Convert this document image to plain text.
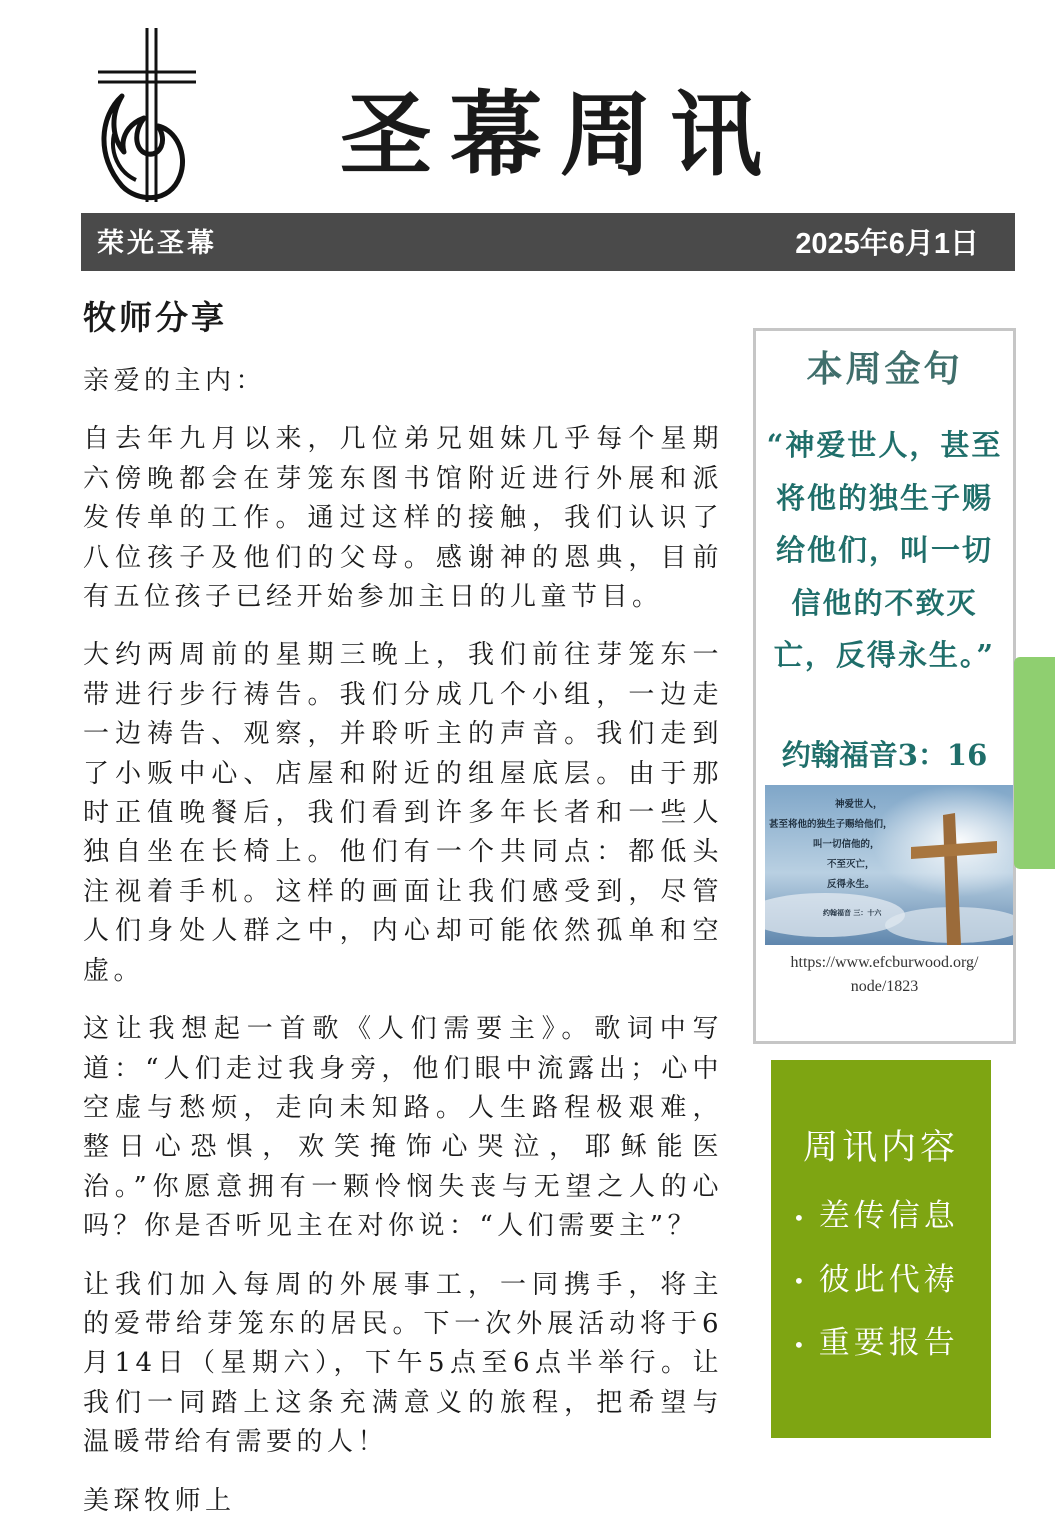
圣幕周讯
荣光圣幕	2025年6月1日
牧师分享

亲爱的主内：

自去年九月以来，几位弟兄姐妹几乎每个星期六傍晚都会在芽笼东图书馆附近进行外展和派发传单的工作。通过这样的接触，我们认识了八位孩子及他们的父母。感谢神的恩典，目前有五位孩子已经开始参加主日的儿童节目。

大约两周前的星期三晚上，我们前往芽笼东一带进行步行祷告。我们分成几个小组，一边走一边祷告、观察，并聆听主的声音。我们走到了小贩中心、店屋和附近的组屋底层。由于那时正值晚餐后，我们看到许多年长者和一些人独自坐在长椅上。他们有一个共同点：都低头注视着手机。这样的画面让我们感受到，尽管人们身处人群之中，内心却可能依然孤单和空虚。

这让我想起一首歌《人们需要主》。歌词中写道：“人们走过我身旁，他们眼中流露出；心中空虚与愁烦，走向未知路。人生路程极艰难，整日心恐惧，欢笑掩饰心哭泣，耶稣能医治。”你愿意拥有一颗怜悯失丧与无望之人的心吗？你是否听见主在对你说：“人们需要主”？

让我们加入每周的外展事工，一同携手，将主的爱带给芽笼东的居民。下一次外展活动将于6月14日（星期六），下午5点至6点半举行。让我们一同踏上这条充满意义的旅程，把希望与温暖带给有需要的人！

美琛牧师上
本周金句
“神爱世人，甚至将他的独生子赐给他们，叫一切信他的不致灭亡，反得永生。”
约翰福音3：16
神爱世人，
甚至将他的独生子赐给他们，
叫一切信他的，
不至灭亡，
反得永生。
约翰福音 三：十六
https://www.efcburwood.org/
node/1823
周讯内容
• 差传信息
• 彼此代祷
• 重要报告
